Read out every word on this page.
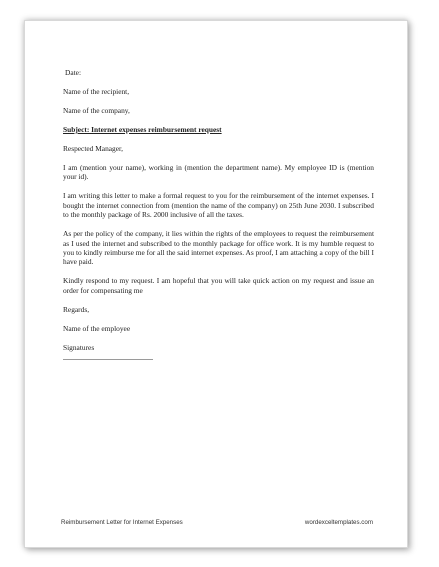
Date:

Name of the recipient,

Name of the company,

Subject: Internet expenses reimbursement request

Respected Manager,

I am (mention your name), working in (mention the department name). My employee ID is (mention your id).

I am writing this letter to make a formal request to you for the reimbursement of the internet expenses. I bought the internet connection from (mention the name of the company) on 25th June 2030. I subscribed to the monthly package of Rs. 2000 inclusive of all the taxes.

As per the policy of the company, it lies within the rights of the employees to request the reimbursement as I used the internet and subscribed to the monthly package for office work. It is my humble request to you to kindly reimburse me for all the said internet expenses. As proof, I am attaching a copy of the bill I have paid.

Kindly respond to my request. I am hopeful that you will take quick action on my request and issue an order for compensating me

Regards,

Name of the employee

Signatures

Reimbursement Letter for Internet Expenses	wordexceltemplates.com
